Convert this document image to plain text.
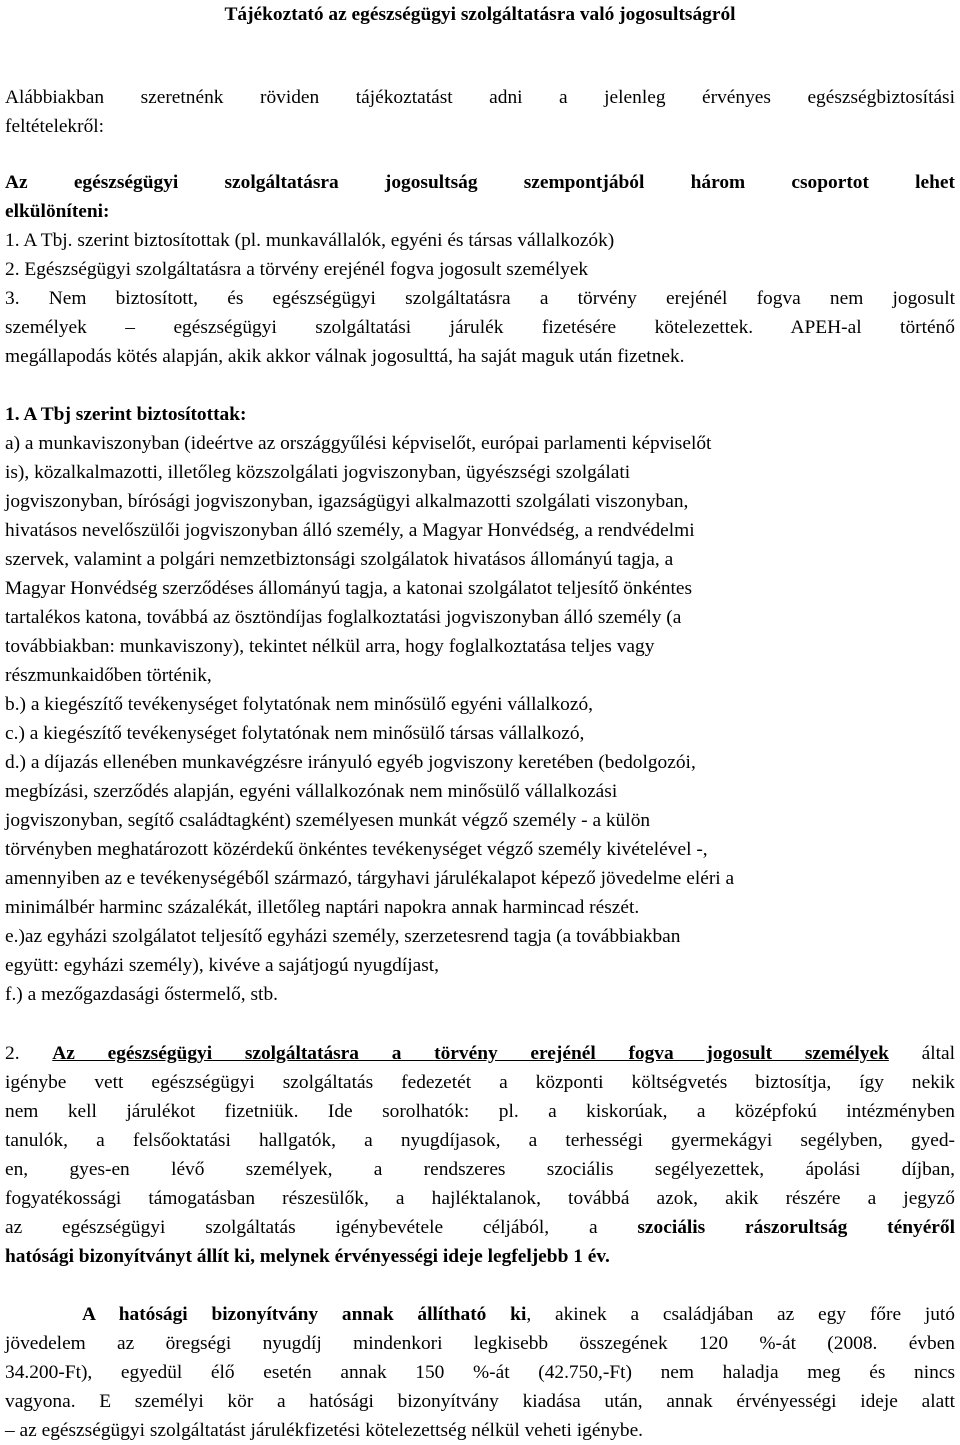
Tájékoztató az egészségügyi szolgáltatásra való jogosultságról

Alábbiakban szeretnénk röviden tájékoztatást adni a jelenleg érvényes egészségbiztosítási
feltételekről:
Az egészségügyi szolgáltatásra jogosultság szempontjából három csoportot lehet
elkülöníteni:
1. A Tbj. szerint biztosítottak (pl. munkavállalók, egyéni és társas vállalkozók)
2. Egészségügyi szolgáltatásra a törvény erejénél fogva jogosult személyek
3. Nem biztosított, és egészségügyi szolgáltatásra a törvény erejénél fogva nem jogosult
személyek – egészségügyi szolgáltatási járulék fizetésére kötelezettek. APEH-al történő
megállapodás kötés alapján, akik akkor válnak jogosulttá, ha saját maguk után fizetnek.
1. A Tbj szerint biztosítottak:
a) a munkaviszonyban (ideértve az országgyűlési képviselőt, európai parlamenti képviselőt
is), közalkalmazotti, illetőleg közszolgálati jogviszonyban, ügyészségi szolgálati
jogviszonyban, bírósági jogviszonyban, igazságügyi alkalmazotti szolgálati viszonyban,
hivatásos nevelőszülői jogviszonyban álló személy, a Magyar Honvédség, a rendvédelmi
szervek, valamint a polgári nemzetbiztonsági szolgálatok hivatásos állományú tagja, a
Magyar Honvédség szerződéses állományú tagja, a katonai szolgálatot teljesítő önkéntes
tartalékos katona, továbbá az ösztöndíjas foglalkoztatási jogviszonyban álló személy (a
továbbiakban: munkaviszony), tekintet nélkül arra, hogy foglalkoztatása teljes vagy
részmunkaidőben történik,
b.) a kiegészítő tevékenységet folytatónak nem minősülő egyéni vállalkozó,
c.) a kiegészítő tevékenységet folytatónak nem minősülő társas vállalkozó,
d.) a díjazás ellenében munkavégzésre irányuló egyéb jogviszony keretében (bedolgozói,
megbízási, szerződés alapján, egyéni vállalkozónak nem minősülő vállalkozási
jogviszonyban, segítő családtagként) személyesen munkát végző személy - a külön
törvényben meghatározott közérdekű önkéntes tevékenységet végző személy kivételével -,
amennyiben az e tevékenységéből származó, tárgyhavi járulékalapot képező jövedelme eléri a
minimálbér harminc százalékát, illetőleg naptári napokra annak harmincad részét.
e.)az egyházi szolgálatot teljesítő egyházi személy, szerzetesrend tagja (a továbbiakban
együtt: egyházi személy), kivéve a sajátjogú nyugdíjast,
f.) a mezőgazdasági őstermelő, stb.
2. Az egészségügyi szolgáltatásra a törvény erejénél fogva jogosult személyek által
igénybe vett egészségügyi szolgáltatás fedezetét a központi költségvetés biztosítja, így nekik
nem kell járulékot fizetniük. Ide sorolhatók: pl. a kiskorúak, a középfokú intézményben
tanulók, a felsőoktatási hallgatók, a nyugdíjasok, a terhességi gyermekágyi segélyben, gyed-
en, gyes-en lévő személyek, a rendszeres szociális segélyezettek, ápolási díjban,
fogyatékossági támogatásban részesülők, a hajléktalanok, továbbá azok, akik részére a jegyző
az egészségügyi szolgáltatás igénybevétele céljából, a szociális rászorultság tényéről
hatósági bizonyítványt állít ki, melynek érvényességi ideje legfeljebb 1 év.
A hatósági bizonyítvány annak állítható ki, akinek a családjában az egy főre jutó
jövedelem az öregségi nyugdíj mindenkori legkisebb összegének 120 %-át (2008. évben
34.200-Ft), egyedül élő esetén annak 150 %-át (42.750,-Ft) nem haladja meg és nincs
vagyona. E személyi kör a hatósági bizonyítvány kiadása után, annak érvényességi ideje alatt
– az egészségügyi szolgáltatást járulékfizetési kötelezettség nélkül veheti igénybe.
